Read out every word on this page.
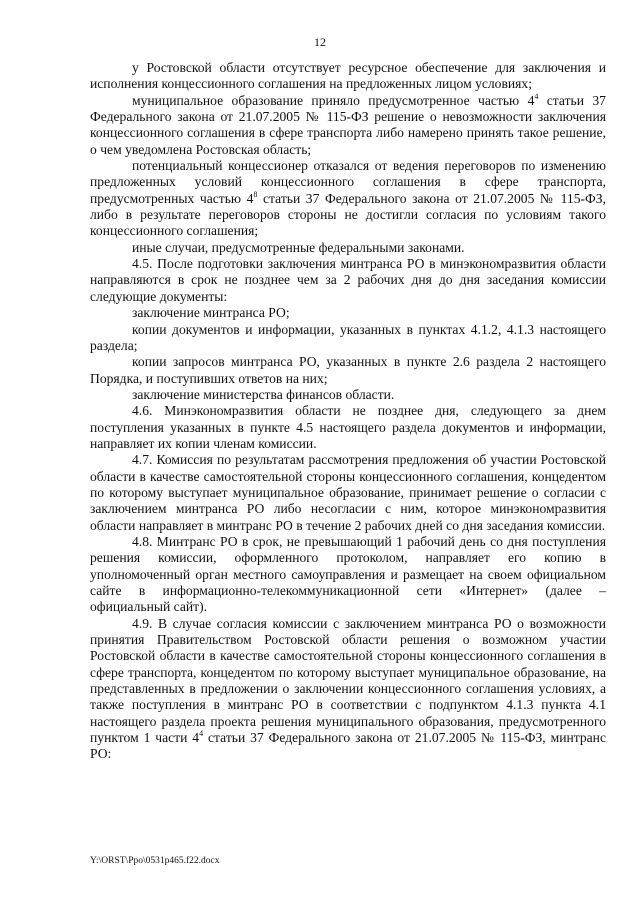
12

у Ростовской области отсутствует ресурсное обеспечение для заключения и исполнения концессионного соглашения на предложенных лицом условиях;

муниципальное образование приняло предусмотренное частью $4^4$ статьи 37 Федерального закона от 21.07.2005 № 115-ФЗ решение о невозможности заключения концессионного соглашения в сфере транспорта либо намерено принять такое решение, о чем уведомлена Ростовская область;

потенциальный концессионер отказался от ведения переговоров по изменению предложенных условий концессионного соглашения в сфере транспорта, предусмотренных частью $4^8$ статьи 37 Федерального закона от 21.07.2005 № 115-ФЗ, либо в результате переговоров стороны не достигли согласия по условиям такого концессионного соглашения;

иные случаи, предусмотренные федеральными законами.

4.5. После подготовки заключения минтранса РО в минэкономразвития области направляются в срок не позднее чем за 2 рабочих дня до дня заседания комиссии следующие документы:

заключение минтранса РО;

копии документов и информации, указанных в пунктах 4.1.2, 4.1.3 настоящего раздела;

копии запросов минтранса РО, указанных в пункте 2.6 раздела 2 настоящего Порядка, и поступивших ответов на них;

заключение министерства финансов области.

4.6. Минэкономразвития области не позднее дня, следующего за днем поступления указанных в пункте 4.5 настоящего раздела документов и информации, направляет их копии членам комиссии.

4.7. Комиссия по результатам рассмотрения предложения об участии Ростовской области в качестве самостоятельной стороны концессионного соглашения, концедентом по которому выступает муниципальное образование, принимает решение о согласии с заключением минтранса РО либо несогласии с ним, которое минэкономразвития области направляет в минтранс РО в течение 2 рабочих дней со дня заседания комиссии.

4.8. Минтранс РО в срок, не превышающий 1 рабочий день со дня поступления решения комиссии, оформленного протоколом, направляет его копию в уполномоченный орган местного самоуправления и размещает на своем официальном сайте в информационно-телекоммуникационной сети «Интернет» (далее – официальный сайт).

4.9. В случае согласия комиссии с заключением минтранса РО о возможности принятия Правительством Ростовской области решения о возможном участии Ростовской области в качестве самостоятельной стороны концессионного соглашения в сфере транспорта, концедентом по которому выступает муниципальное образование, на представленных в предложении о заключении концессионного соглашения условиях, а также поступления в минтранс РО в соответствии с подпунктом 4.1.3 пункта 4.1 настоящего раздела проекта решения муниципального образования, предусмотренного пунктом 1 части $4^4$ статьи 37 Федерального закона от 21.07.2005 № 115-ФЗ, минтранс РО:

Y:\ORST\Ppo\0531p465.f22.docx
